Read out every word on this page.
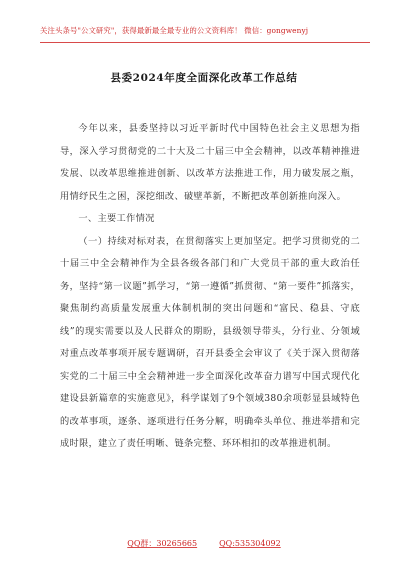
关注头条号"公文研究"，获得最新最全最专业的公文资料库！ 微信：gongwenyj
县委2024年度全面深化改革工作总结

今年以来，县委坚持以习近平新时代中国特色社会主义思想为指导，深入学习贯彻党的二十大及二十届三中全会精神，以改革精神推进发展、以改革思维推进创新、以改革方法推进工作，用力破发展之瓶，用情纾民生之困，深挖细改、破壁革新，不断把改革创新推向深入。

一、主要工作情况

（一）持续对标对表，在贯彻落实上更加坚定。把学习贯彻党的二十届三中全会精神作为全县各级各部门和广大党员干部的重大政治任务，坚持“第一议题”抓学习，“第一遵循”抓贯彻、“第一要件”抓落实，聚焦制约高质量发展重大体制机制的突出问题和“富民、稳县、守底线”的现实需要以及人民群众的期盼，县级领导带头，分行业、分领域对重点改革事项开展专题调研，召开县委全会审议了《关于深入贯彻落实党的二十届三中全会精神进一步全面深化改革奋力谱写中国式现代化建设县新篇章的实施意见》，科学谋划了9个领域380余项彰显县域特色的改革事项，逐条、逐项进行任务分解，明确牵头单位、推进举措和完成时限，建立了责任明晰、链条完整、环环相扣的改革推进机制。

QQ群：30265665	QQ:535304092
